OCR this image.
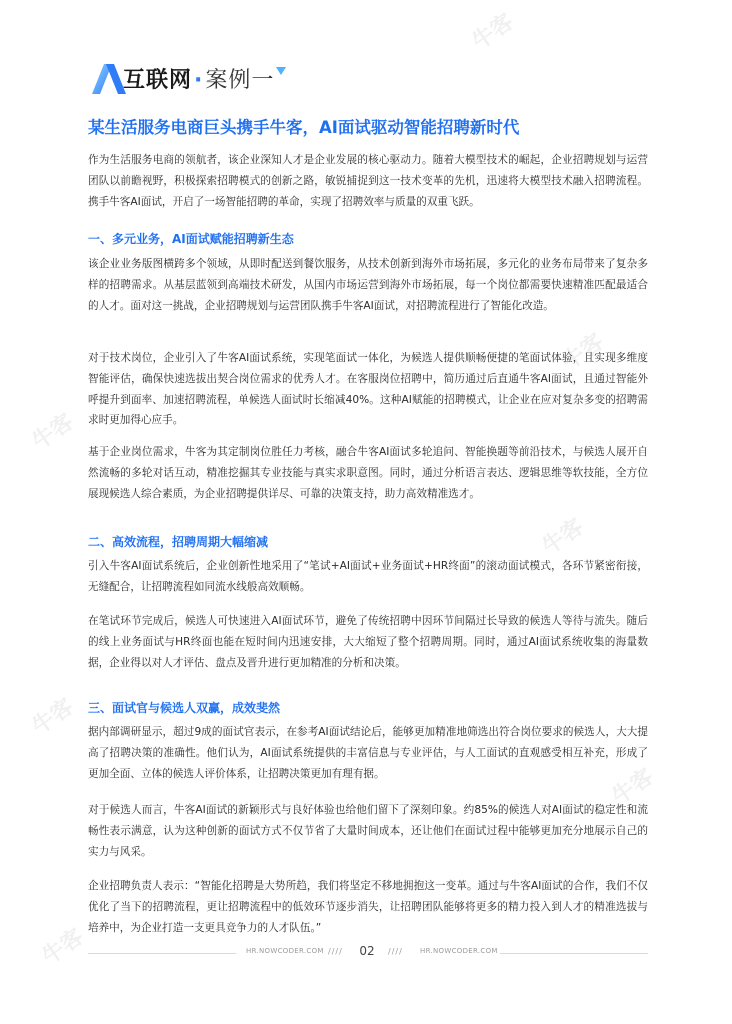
牛客
牛客
牛客
牛客
牛客
牛客
牛客
互联网·案例一
某生活服务电商巨头携手牛客，AI面试驱动智能招聘新时代

作为生活服务电商的领航者，该企业深知人才是企业发展的核心驱动力。随着大模型技术的崛起，企业招聘规划与运营团队以前瞻视野，积极探索招聘模式的创新之路，敏锐捕捉到这一技术变革的先机，迅速将大模型技术融入招聘流程。携手牛客AI面试，开启了一场智能招聘的革命，实现了招聘效率与质量的双重飞跃。

一、多元业务，AI面试赋能招聘新生态

该企业业务版图横跨多个领域，从即时配送到餐饮服务，从技术创新到海外市场拓展，多元化的业务布局带来了复杂多样的招聘需求。从基层蓝领到高端技术研发，从国内市场运营到海外市场拓展，每一个岗位都需要快速精准匹配最适合的人才。面对这一挑战，企业招聘规划与运营团队携手牛客AI面试，对招聘流程进行了智能化改造。

对于技术岗位，企业引入了牛客AI面试系统，实现笔面试一体化，为候选人提供顺畅便捷的笔面试体验，且实现多维度智能评估，确保快速选拔出契合岗位需求的优秀人才。在客服岗位招聘中，简历通过后直通牛客AI面试，且通过智能外呼提升到面率、加速招聘流程，单候选人面试时长缩减40%。这种AI赋能的招聘模式，让企业在应对复杂多变的招聘需求时更加得心应手。

基于企业岗位需求，牛客为其定制岗位胜任力考核，融合牛客AI面试多轮追问、智能换题等前沿技术，与候选人展开自然流畅的多轮对话互动，精准挖掘其专业技能与真实求职意图。同时，通过分析语言表达、逻辑思维等软技能，全方位展现候选人综合素质，为企业招聘提供详尽、可靠的决策支持，助力高效精准选才。

二、高效流程，招聘周期大幅缩减

引入牛客AI面试系统后，企业创新性地采用了“笔试+AI面试+业务面试+HR终面”的滚动面试模式，各环节紧密衔接，无缝配合，让招聘流程如同流水线般高效顺畅。

在笔试环节完成后，候选人可快速进入AI面试环节，避免了传统招聘中因环节间隔过长导致的候选人等待与流失。随后的线上业务面试与HR终面也能在短时间内迅速安排，大大缩短了整个招聘周期。同时，通过AI面试系统收集的海量数据，企业得以对人才评估、盘点及晋升进行更加精准的分析和决策。

三、面试官与候选人双赢，成效斐然

据内部调研显示，超过9成的面试官表示，在参考AI面试结论后，能够更加精准地筛选出符合岗位要求的候选人，大大提高了招聘决策的准确性。他们认为，AI面试系统提供的丰富信息与专业评估，与人工面试的直观感受相互补充，形成了更加全面、立体的候选人评价体系，让招聘决策更加有理有据。

对于候选人而言，牛客AI面试的新颖形式与良好体验也给他们留下了深刻印象。约85%的候选人对AI面试的稳定性和流畅性表示满意，认为这种创新的面试方式不仅节省了大量时间成本，还让他们在面试过程中能够更加充分地展示自己的实力与风采。

企业招聘负责人表示：“智能化招聘是大势所趋，我们将坚定不移地拥抱这一变革。通过与牛客AI面试的合作，我们不仅优化了当下的招聘流程，更让招聘流程中的低效环节逐步消失，让招聘团队能够将更多的精力投入到人才的精准选拔与培养中，为企业打造一支更具竞争力的人才队伍。”

HR.NOWCODER.COM //// 02	//// HR.NOWCODER.COM
